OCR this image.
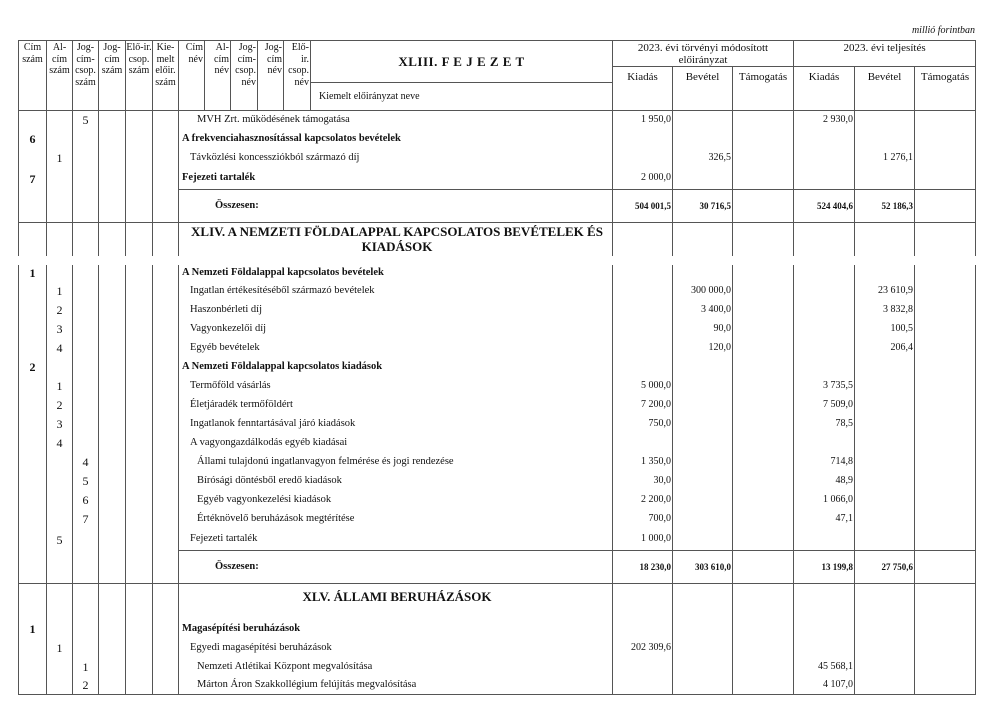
millió forintban
Cím szám	Al-cím szám	Jog-cím-csop. szám	Jog-cím szám	Elő-ir. csop. szám	Kie-melt előir. szám	Cím név	Al-cím név	Jog-cím-csop. név	Jog-cím név	Elő-ir. csop. név	XLIII. F E J E Z E T	2023. évi törvényi módosított előirányzat			2023. évi teljesítés		
												Kiadás	Bevétel	Támogatás	Kiadás	Bevétel	Támogatás
											Kiemelt előirányzat neve						
		5				MVH Zrt. működésének támogatása						1 950,0			2 930,0		
6						A frekvenciahasznosítással kapcsolatos bevételek											
	1					Távközlési koncessziókból származó díj							326,5			1 276,1	
7						Fejezeti tartalék						2 000,0					
						Összesen:						504 001,5	30 716,5		524 404,6	52 186,3	
						XLIV. A NEMZETI FÖLDALAPPAL KAPCSOLATOS BEVÉTELEK ÉS KIADÁSOK											

1						A Nemzeti Földalappal kapcsolatos bevételek											
	1					Ingatlan értékesítéséből származó bevételek							300 000,0			23 610,9	
	2					Haszonbérleti díj							3 400,0			3 832,8	
	3					Vagyonkezelői díj							90,0			100,5	
	4					Egyéb bevételek							120,0			206,4	
2						A Nemzeti Földalappal kapcsolatos kiadások											
	1					Termőföld vásárlás						5 000,0			3 735,5		
	2					Életjáradék termőföldért						7 200,0			7 509,0		
	3					Ingatlanok fenntartásával járó kiadások						750,0			78,5		
	4					A vagyongazdálkodás egyéb kiadásai											
		4				Állami tulajdonú ingatlanvagyon felmérése és jogi rendezése						1 350,0			714,8		
		5				Bírósági döntésből eredő kiadások						30,0			48,9		
		6				Egyéb vagyonkezelési kiadások						2 200,0			1 066,0		
		7				Értéknövelő beruházások megtérítése						700,0			47,1		
	5					Fejezeti tartalék						1 000,0					
						Összesen:						18 230,0	303 610,0		13 199,8	27 750,6	
						XLV. ÁLLAMI BERUHÁZÁSOK											
1						Magasépítési beruházások											
	1					Egyedi magasépítési beruházások						202 309,6					
		1				Nemzeti Atlétikai Központ megvalósítása									45 568,1		
		2				Márton Áron Szakkollégium felújítás megvalósítása									4 107,0		
